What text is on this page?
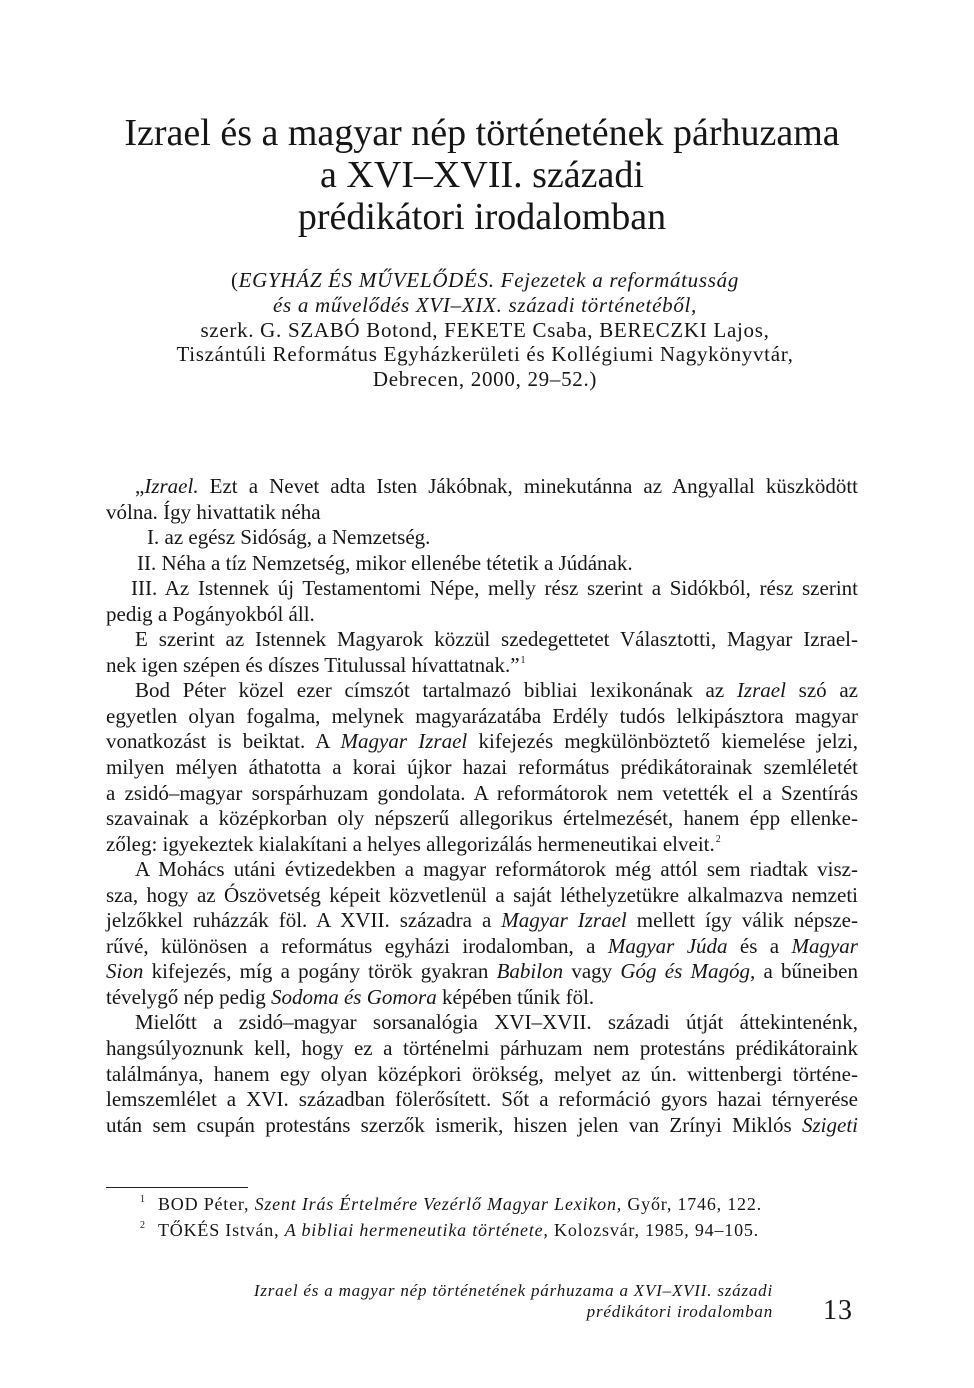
Izrael és a magyar nép történetének párhuzama
a XVI–XVII. századi
prédikátori irodalomban
(EGYHÁZ ÉS MŰVELŐDÉS. Fejezetek a reformátusság
és a művelődés XVI–XIX. századi történetéből,
szerk. G. SZABÓ Botond, FEKETE Csaba, BERECZKI Lajos,
Tiszántúli Református Egyházkerületi és Kollégiumi Nagykönyvtár,
Debrecen, 2000, 29–52.)
„Izrael. Ezt a Nevet adta Isten Jákóbnak, minekutánna az Angyallal küszködött
vólna. Így hivattatik néha
I. az egész Sidóság, a Nemzetség.
II. Néha a tíz Nemzetség, mikor ellenébe tétetik a Júdának.
III. Az Istennek új Testamentomi Népe, melly rész szerint a Sidókból, rész szerint
pedig a Pogányokból áll.
E szerint az Istennek Magyarok közzül szedegettetet Választotti, Magyar Izrael-
nek igen szépen és díszes Titulussal hívattatnak.”$^1$
Bod Péter közel ezer címszót tartalmazó bibliai lexikonának az Izrael szó az
egyetlen olyan fogalma, melynek magyarázatába Erdély tudós lelkipásztora magyar
vonatkozást is beiktat. A Magyar Izrael kifejezés megkülönböztető kiemelése jelzi,
milyen mélyen áthatotta a korai újkor hazai református prédikátorainak szemléletét
a zsidó–magyar sorspárhuzam gondolata. A reformátorok nem vetették el a Szentírás
szavainak a középkorban oly népszerű allegorikus értelmezését, hanem épp ellenke-
zőleg: igyekeztek kialakítani a helyes allegorizálás hermeneutikai elveit.$^2$
A Mohács utáni évtizedekben a magyar reformátorok még attól sem riadtak visz-
sza, hogy az Ószövetség képeit közvetlenül a saját léthelyzetükre alkalmazva nemzeti
jelzőkkel ruházzák föl. A XVII. századra a Magyar Izrael mellett így válik népsze-
rűvé, különösen a református egyházi irodalomban, a Magyar Júda és a Magyar
Sion kifejezés, míg a pogány török gyakran Babilon vagy Góg és Magóg, a bűneiben
tévelygő nép pedig Sodoma és Gomora képében tűnik föl.
Mielőtt a zsidó–magyar sorsanalógia XVI–XVII. századi útját áttekintenénk,
hangsúlyoznunk kell, hogy ez a történelmi párhuzam nem protestáns prédikátoraink
találmánya, hanem egy olyan középkori örökség, melyet az ún. wittenbergi történe-
lemszemlélet a XVI. században fölerősített. Sőt a reformáció gyors hazai térnyerése
után sem csupán protestáns szerzők ismerik, hiszen jelen van Zrínyi Miklós Szigeti
1 BOD Péter, Szent Irás Értelmére Vezérlő Magyar Lexikon, Győr, 1746, 122.
2 TŐKÉS István, A bibliai hermeneutika története, Kolozsvár, 1985, 94–105.
Izrael és a magyar nép történetének párhuzama a XVI–XVII. századi
prédikátori irodalomban 13
